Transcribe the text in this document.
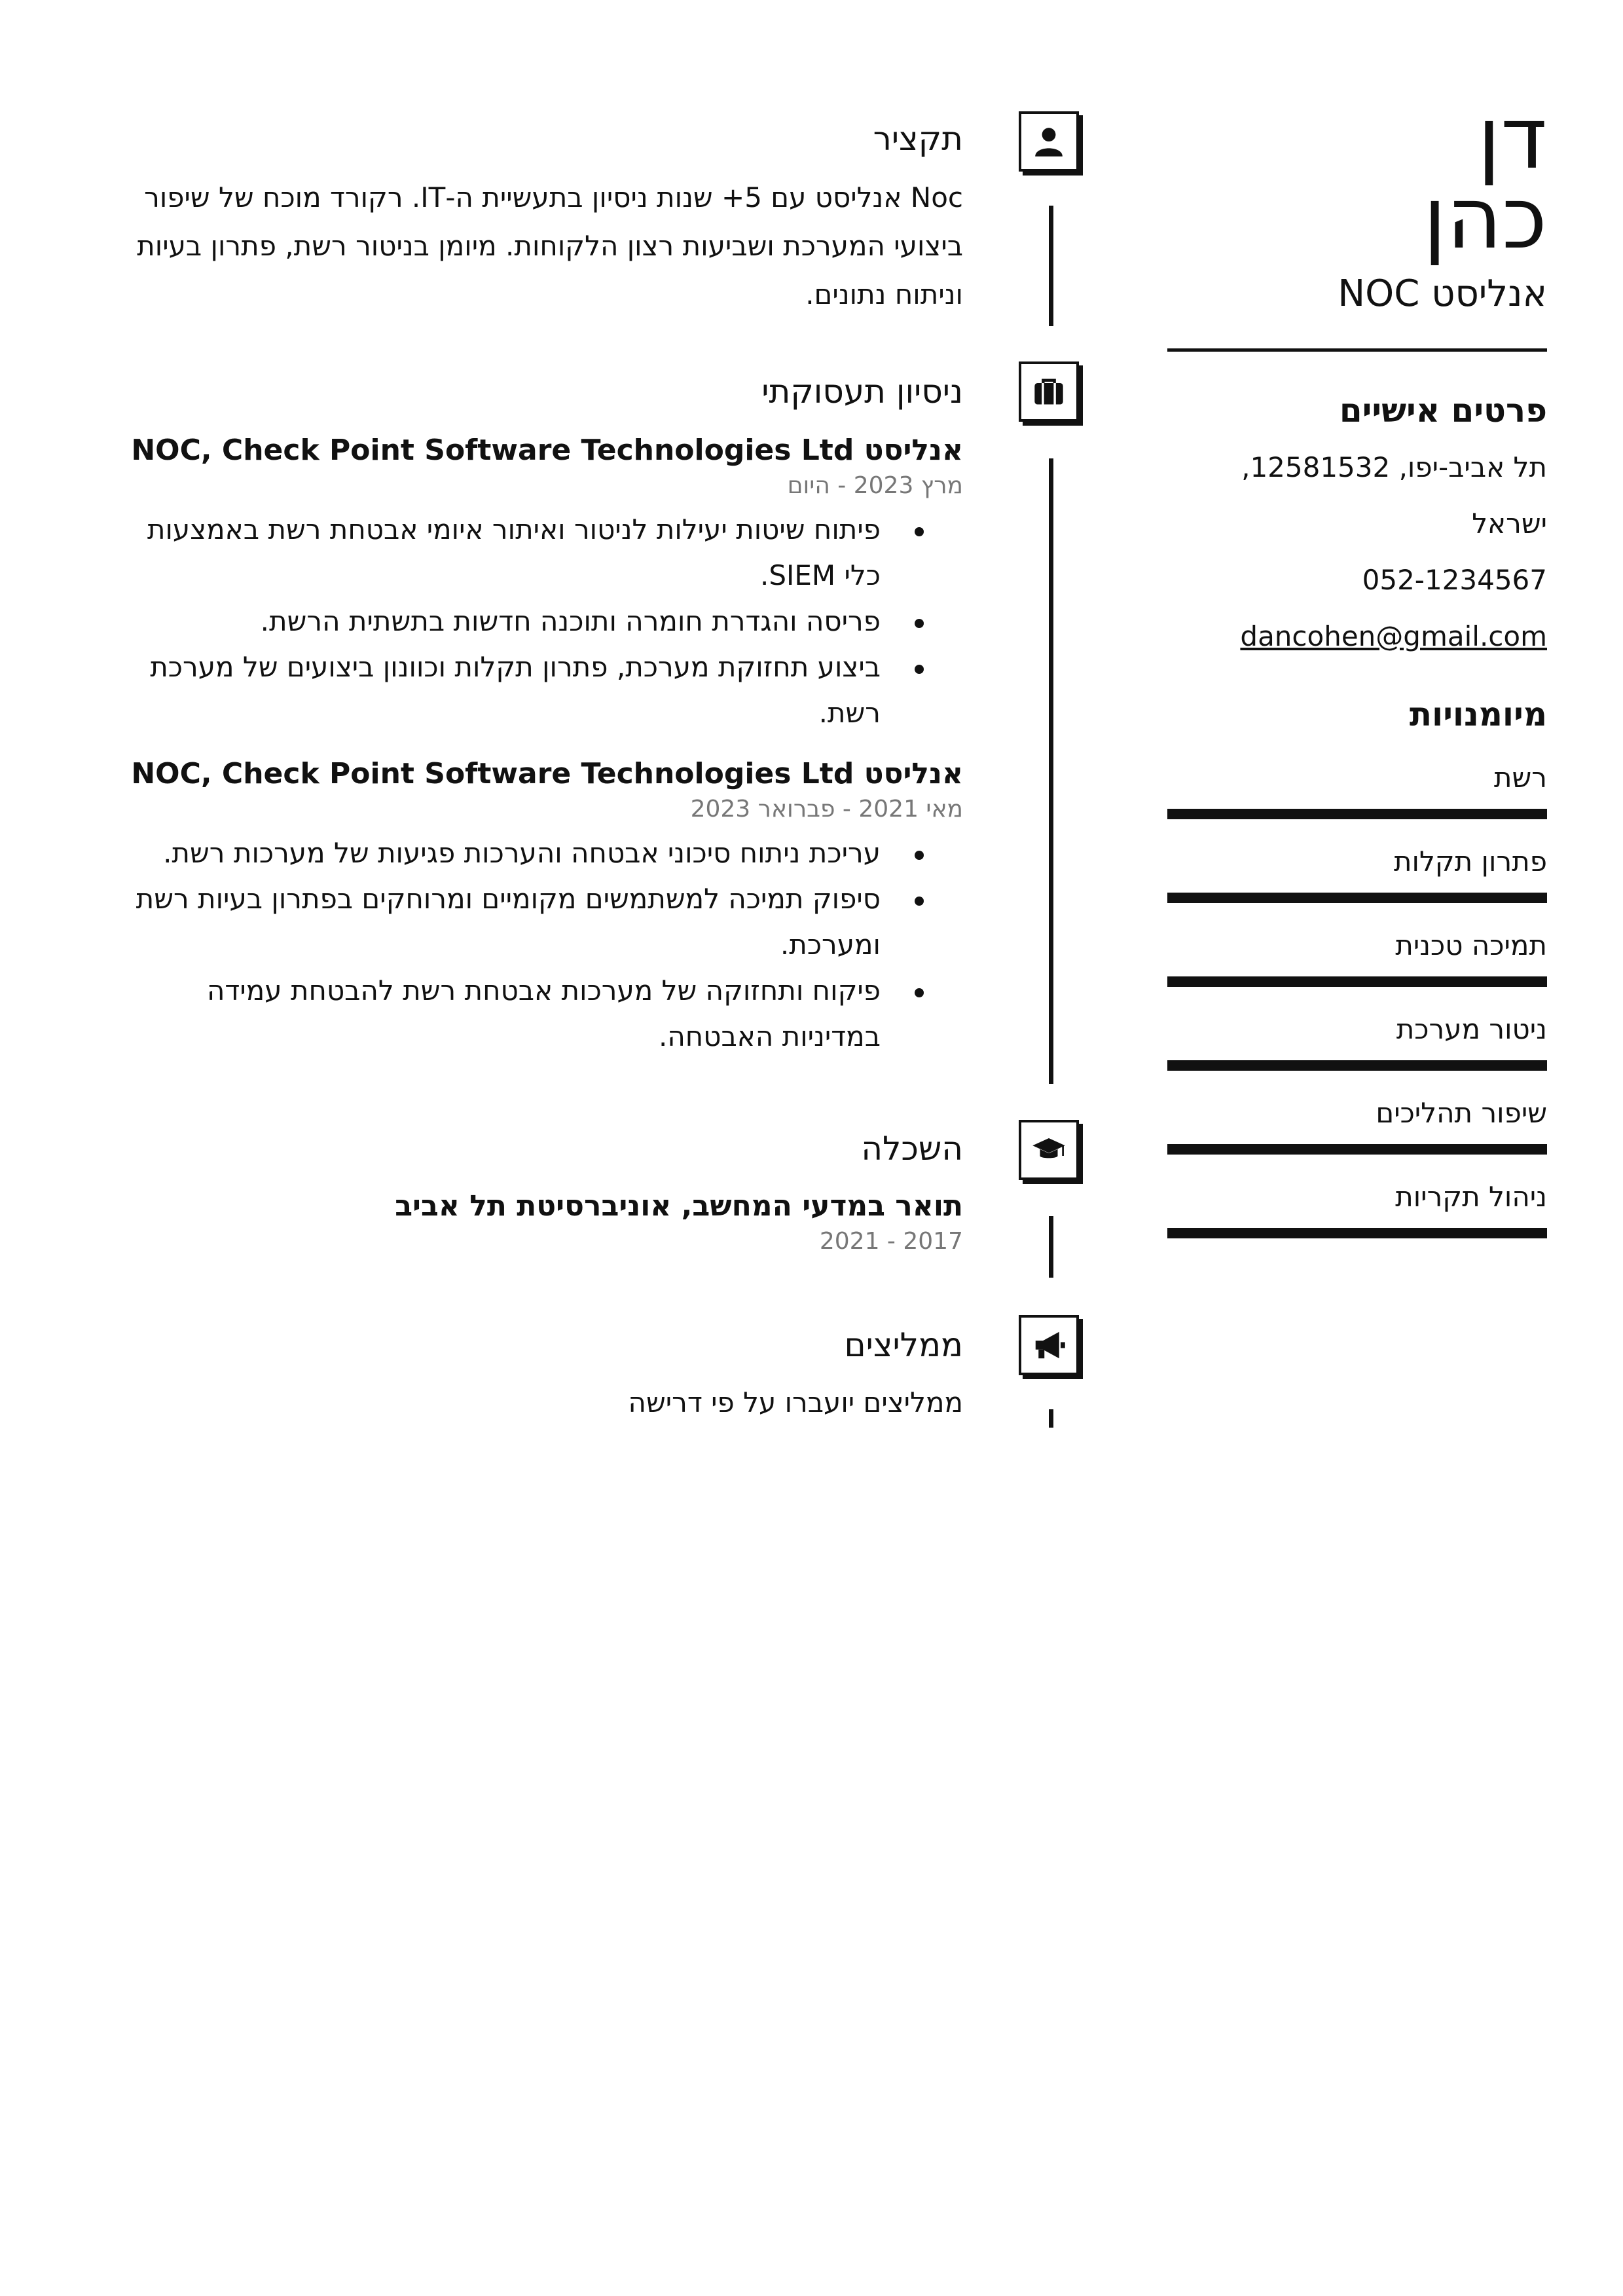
דן
כהן
אנליסט NOC
פרטים אישיים
תל אביב-יפו, 12581532, ישראל
052-1234567
dancohen@gmail.com
מיומנויות
רשת
פתרון תקלות
תמיכה טכנית
ניטור מערכת
שיפור תהליכים
ניהול תקריות
תקציר
Noc אנליסט עם 5+ שנות ניסיון בתעשיית ה-IT. רקורד מוכח של שיפור ביצועי המערכת ושביעות רצון הלקוחות. מיומן בניטור רשת, פתרון בעיות וניתוח נתונים.
ניסיון תעסוקתי
אנליסט NOC, Check Point Software Technologies Ltd
מרץ 2023 - היום
פיתוח שיטות יעילות לניטור ואיתור איומי אבטחת רשת באמצעות כלי SIEM.
פריסה והגדרת חומרה ותוכנה חדשות בתשתית הרשת.
ביצוע תחזוקת מערכת, פתרון תקלות וכוונון ביצועים של מערכת רשת.
אנליסט NOC, Check Point Software Technologies Ltd
מאי 2021 - פברואר 2023
עריכת ניתוח סיכוני אבטחה והערכות פגיעות של מערכות רשת.
סיפוק תמיכה למשתמשים מקומיים ומרוחקים בפתרון בעיות רשת ומערכת.
פיקוח ותחזוקה של מערכות אבטחת רשת להבטחת עמידה במדיניות האבטחה.
השכלה
תואר במדעי המחשב, אוניברסיטת תל אביב
2017 - 2021
ממליצים
ממליצים יועברו על פי דרישה
